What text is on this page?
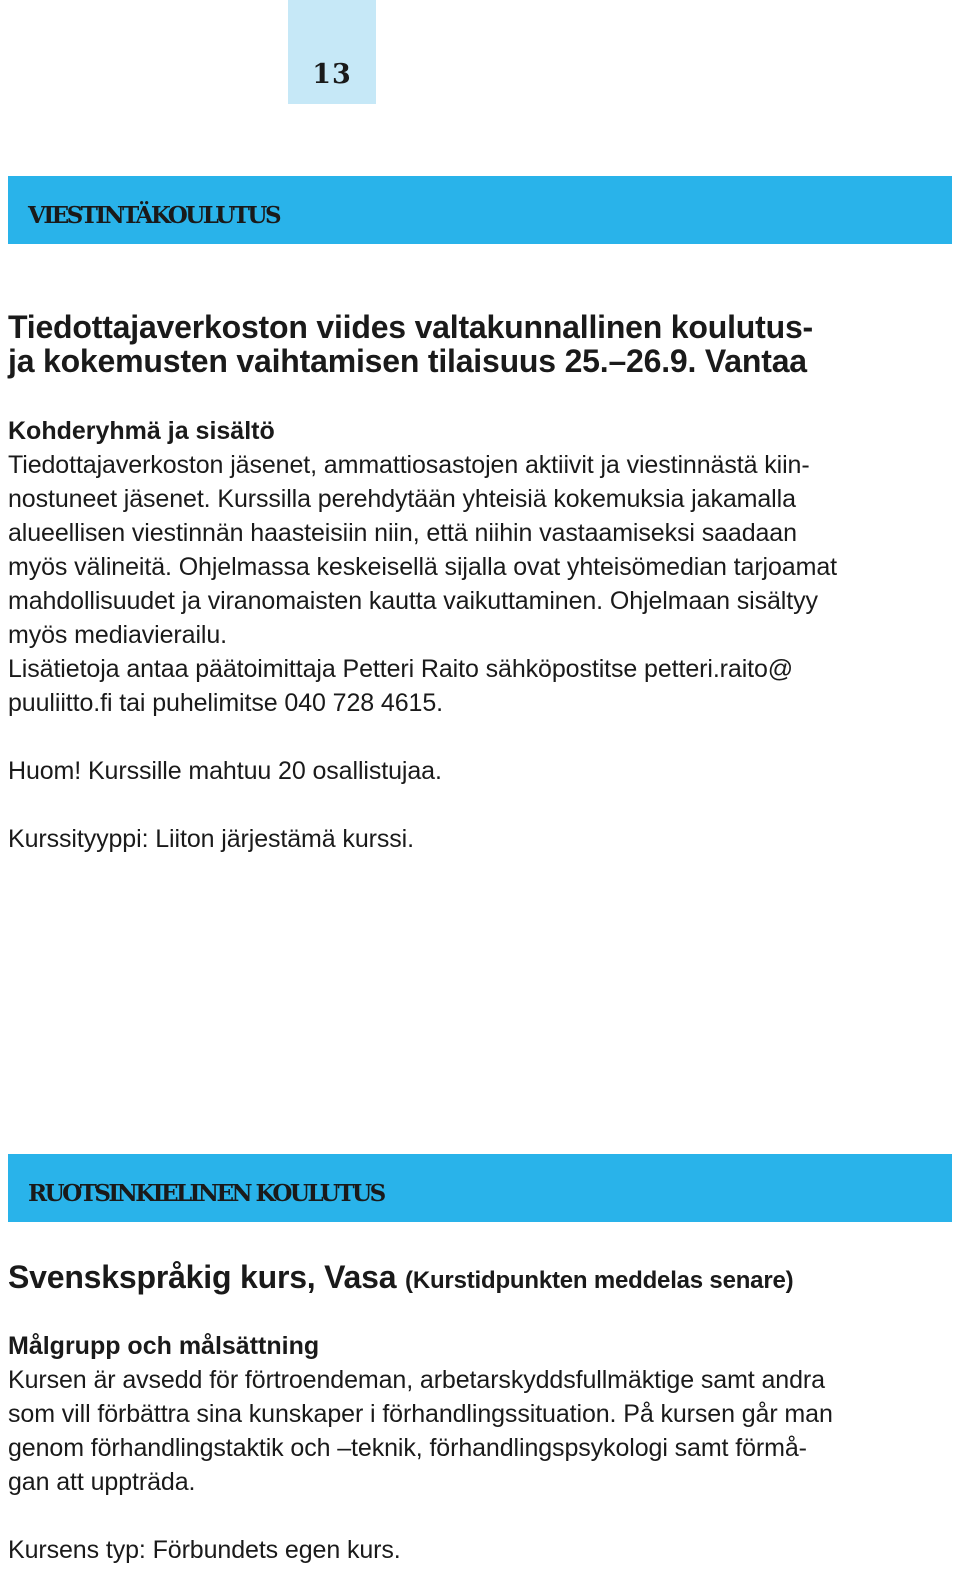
13
VIESTINTÄKOULUTUS

Tiedottajaverkoston viides valtakunnallinen koulutus-

ja kokemusten vaihtamisen tilaisuus 25.–26.9. Vantaa

Kohderyhmä ja sisältö

Tiedottajaverkoston jäsenet, ammattiosastojen aktiivit ja viestinnästä kiin-

nostuneet jäsenet. Kurssilla perehdytään yhteisiä kokemuksia jakamalla

alueellisen viestinnän haasteisiin niin, että niihin vastaamiseksi saadaan

myös välineitä. Ohjelmassa keskeisellä sijalla ovat yhteisömedian tarjoamat

mahdollisuudet ja viranomaisten kautta vaikuttaminen. Ohjelmaan sisältyy

myös mediavierailu.

Lisätietoja antaa päätoimittaja Petteri Raito sähköpostitse petteri.raito@

puuliitto.fi tai puhelimitse 040 728 4615.

Huom! Kurssille mahtuu 20 osallistujaa.

Kurssityyppi: Liiton järjestämä kurssi.

RUOTSINKIELINEN KOULUTUS

Svenskspråkig kurs, Vasa (Kurstidpunkten meddelas senare)

Målgrupp och målsättning

Kursen är avsedd för förtroendeman, arbetarskyddsfullmäktige samt andra

som vill förbättra sina kunskaper i förhandlingssituation. På kursen går man

genom förhandlingstaktik och –teknik, förhandlingspsykologi samt förmå-

gan att uppträda.

Kursens typ: Förbundets egen kurs.
